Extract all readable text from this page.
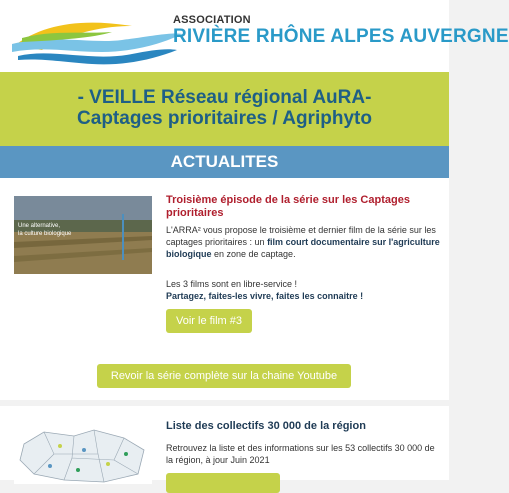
ASSOCIATION
RIVIÈRE RHÔNE ALPES AUVERGNE
- VEILLE Réseau régional AuRA-
Captages prioritaires / Agriphyto
ACTUALITES
Une alternative,
la culture biologique
Troisième épisode de la série sur les Captages prioritaires
L'ARRA² vous propose le troisième et dernier film de la série sur les captages prioritaires : un film court documentaire sur l'agriculture biologique en zone de captage.
Les 3 films sont en libre-service !
Partagez, faites-les vivre, faites les connaitre !
Voir le film #3
Revoir la série complète sur la chaine Youtube
Liste des collectifs 30 000 de la région
Retrouvez la liste et des informations sur les 53 collectifs 30 000 de la région, à jour Juin 2021
